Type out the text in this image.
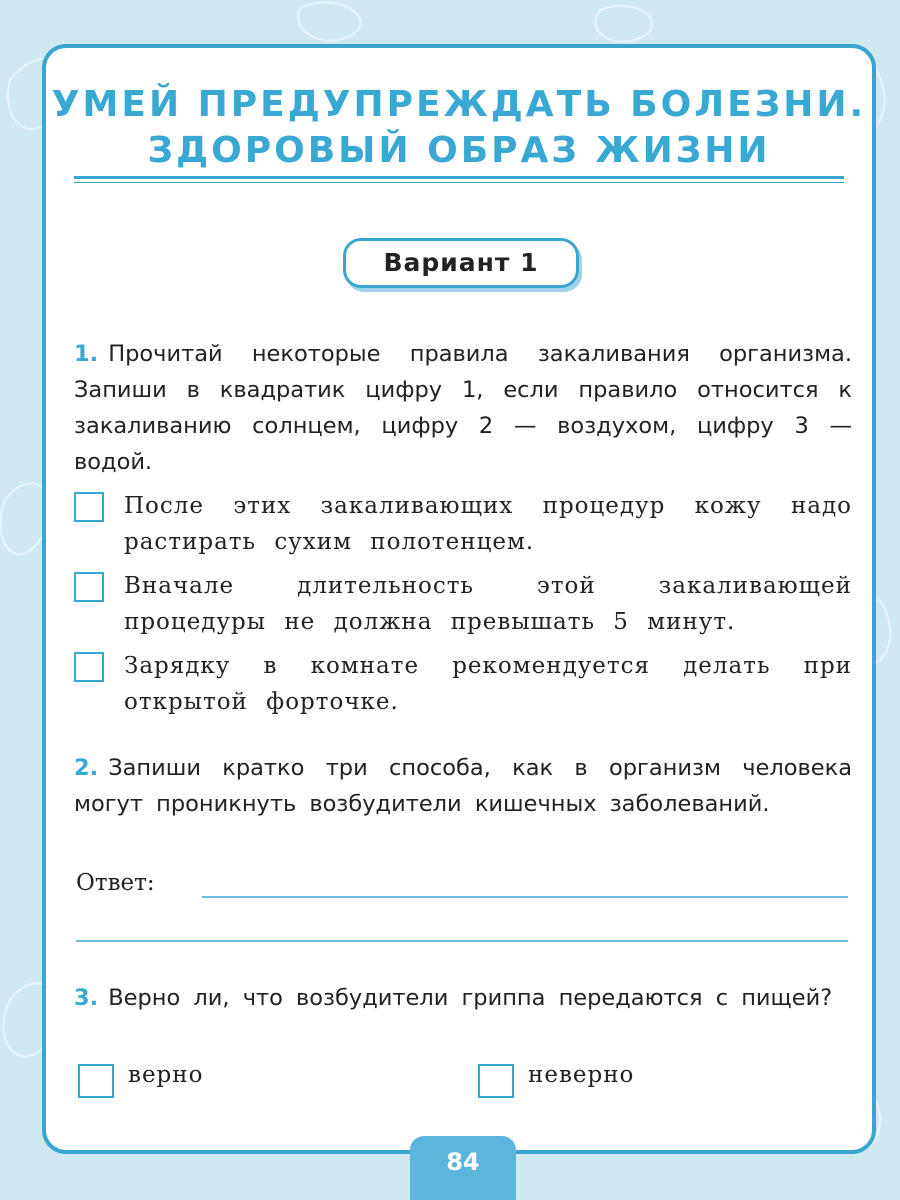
УМЕЙ ПРЕДУПРЕЖДАТЬ БОЛЕЗНИ.
ЗДОРОВЫЙ ОБРАЗ ЖИЗНИ
Вариант 1

1. Прочитай некоторые правила закаливания организма. Запиши в квадратик цифру 1, если правило относится к закаливанию солнцем, цифру 2 — воздухом, цифру 3 — водой.

После этих закаливающих процедур кожу надо растирать сухим полотенцем.
Вначале длительность этой закаливающей процедуры не должна превышать 5 минут.
Зарядку в комнате рекомендуется делать при открытой форточке.

2. Запиши кратко три способа, как в организм человека могут проникнуть возбудители кишечных заболеваний.

Ответ:

3. Верно ли, что возбудители гриппа передаются с пищей?

верно	неверно
84
